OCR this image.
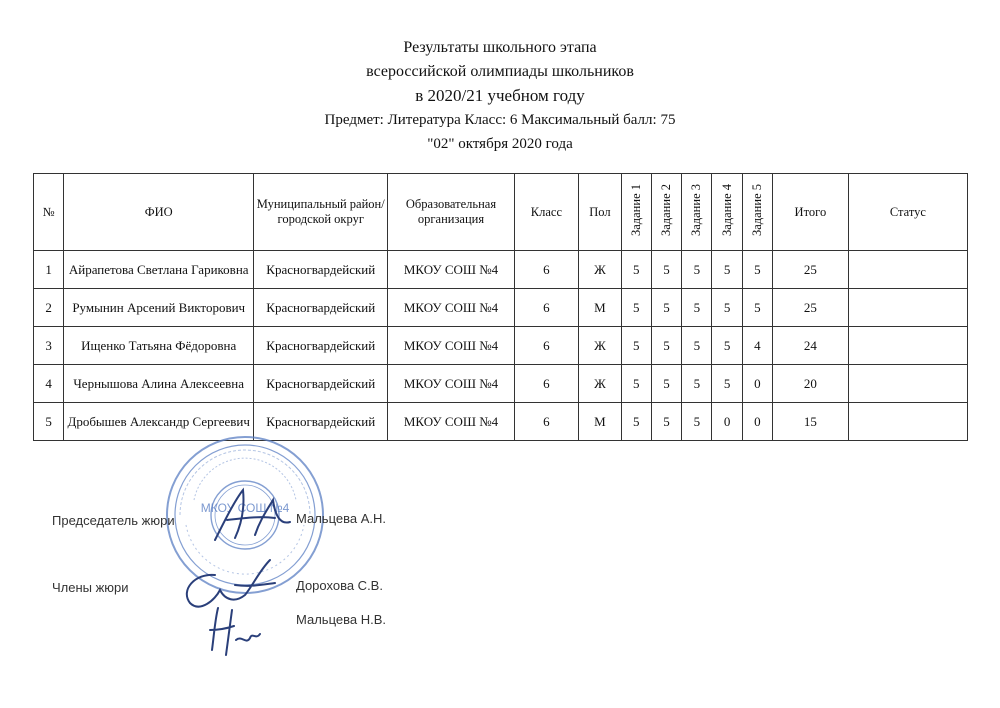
Результаты школьного этапа
всероссийской олимпиады школьников
в 2020/21 учебном году
Предмет: Литература Класс: 6 Максимальный балл: 75
"02" октября 2020 года
№	ФИО	Муниципальный район/городской округ	Образовательная организация	Класс	Пол	Задание 1	Задание 2	Задание 3	Задание 4	Задание 5	Итого	Статус
1	Айрапетова Светлана Гариковна	Красногвардейский	МКОУ СОШ №4	6	Ж	5	5	5	5	5	25	
2	Румынин Арсений Викторович	Красногвардейский	МКОУ СОШ №4	6	М	5	5	5	5	5	25	
3	Ищенко Татьяна Фёдоровна	Красногвардейский	МКОУ СОШ №4	6	Ж	5	5	5	5	4	24	
4	Чернышова Алина Алексеевна	Красногвардейский	МКОУ СОШ №4	6	Ж	5	5	5	5	0	20	
5	Дробышев Александр Сергеевич	Красногвардейский	МКОУ СОШ №4	6	М	5	5	5	0	0	15	
МКОУ СОШ №4
Председатель жюри	Мальцева А.Н.
Члены жюри	Дорохова С.В.
Мальцева Н.В.
